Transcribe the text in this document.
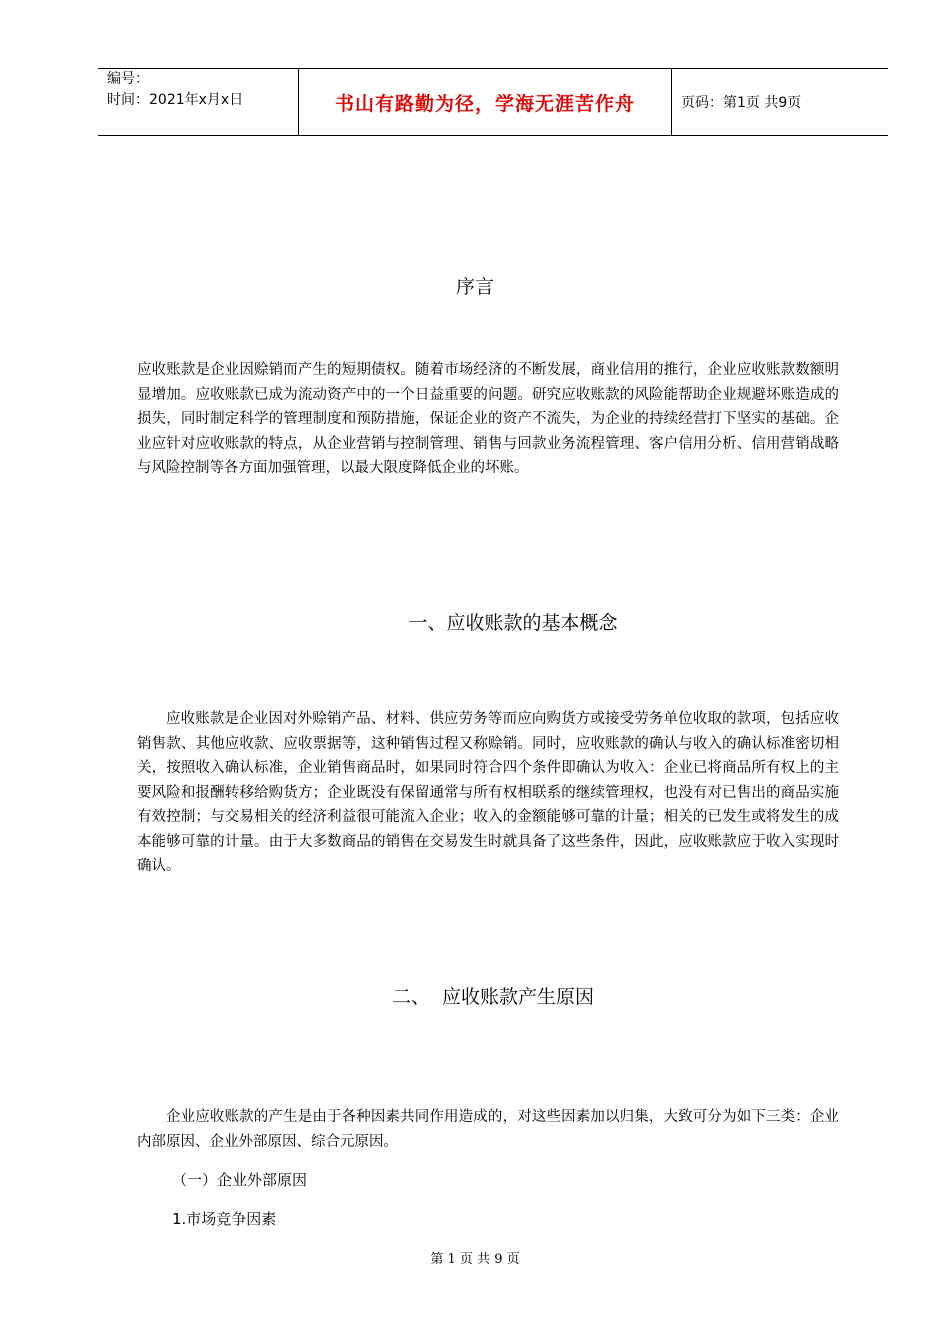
编号：
时间：2021年x月x日	书山有路勤为径，学海无涯苦作舟	页码：第1页 共9页
序言
应收账款是企业因赊销而产生的短期债权。随着市场经济的不断发展，商业信用的推行，企业应收账款数额明显增加。应收账款已成为流动资产中的一个日益重要的问题。研究应收账款的风险能帮助企业规避坏账造成的损失，同时制定科学的管理制度和预防措施，保证企业的资产不流失，为企业的持续经营打下坚实的基础。企业应针对应收账款的特点，从企业营销与控制管理、销售与回款业务流程管理、客户信用分析、信用营销战略与风险控制等各方面加强管理，以最大限度降低企业的坏账。
一、应收账款的基本概念
应收账款是企业因对外赊销产品、材料、供应劳务等而应向购货方或接受劳务单位收取的款项，包括应收销售款、其他应收款、应收票据等，这种销售过程又称赊销。同时，应收账款的确认与收入的确认标准密切相关，按照收入确认标准，企业销售商品时，如果同时符合四个条件即确认为收入：企业已将商品所有权上的主要风险和报酬转移给购货方；企业既没有保留通常与所有权相联系的继续管理权，也没有对已售出的商品实施有效控制；与交易相关的经济利益很可能流入企业；收入的金额能够可靠的计量；相关的已发生或将发生的成本能够可靠的计量。由于大多数商品的销售在交易发生时就具备了这些条件，因此，应收账款应于收入实现时确认。
二、  应收账款产生原因
企业应收账款的产生是由于各种因素共同作用造成的，对这些因素加以归集，大致可分为如下三类：企业内部原因、企业外部原因、综合元原因。
（一）企业外部原因
1.市场竞争因素
第 1 页 共 9 页
